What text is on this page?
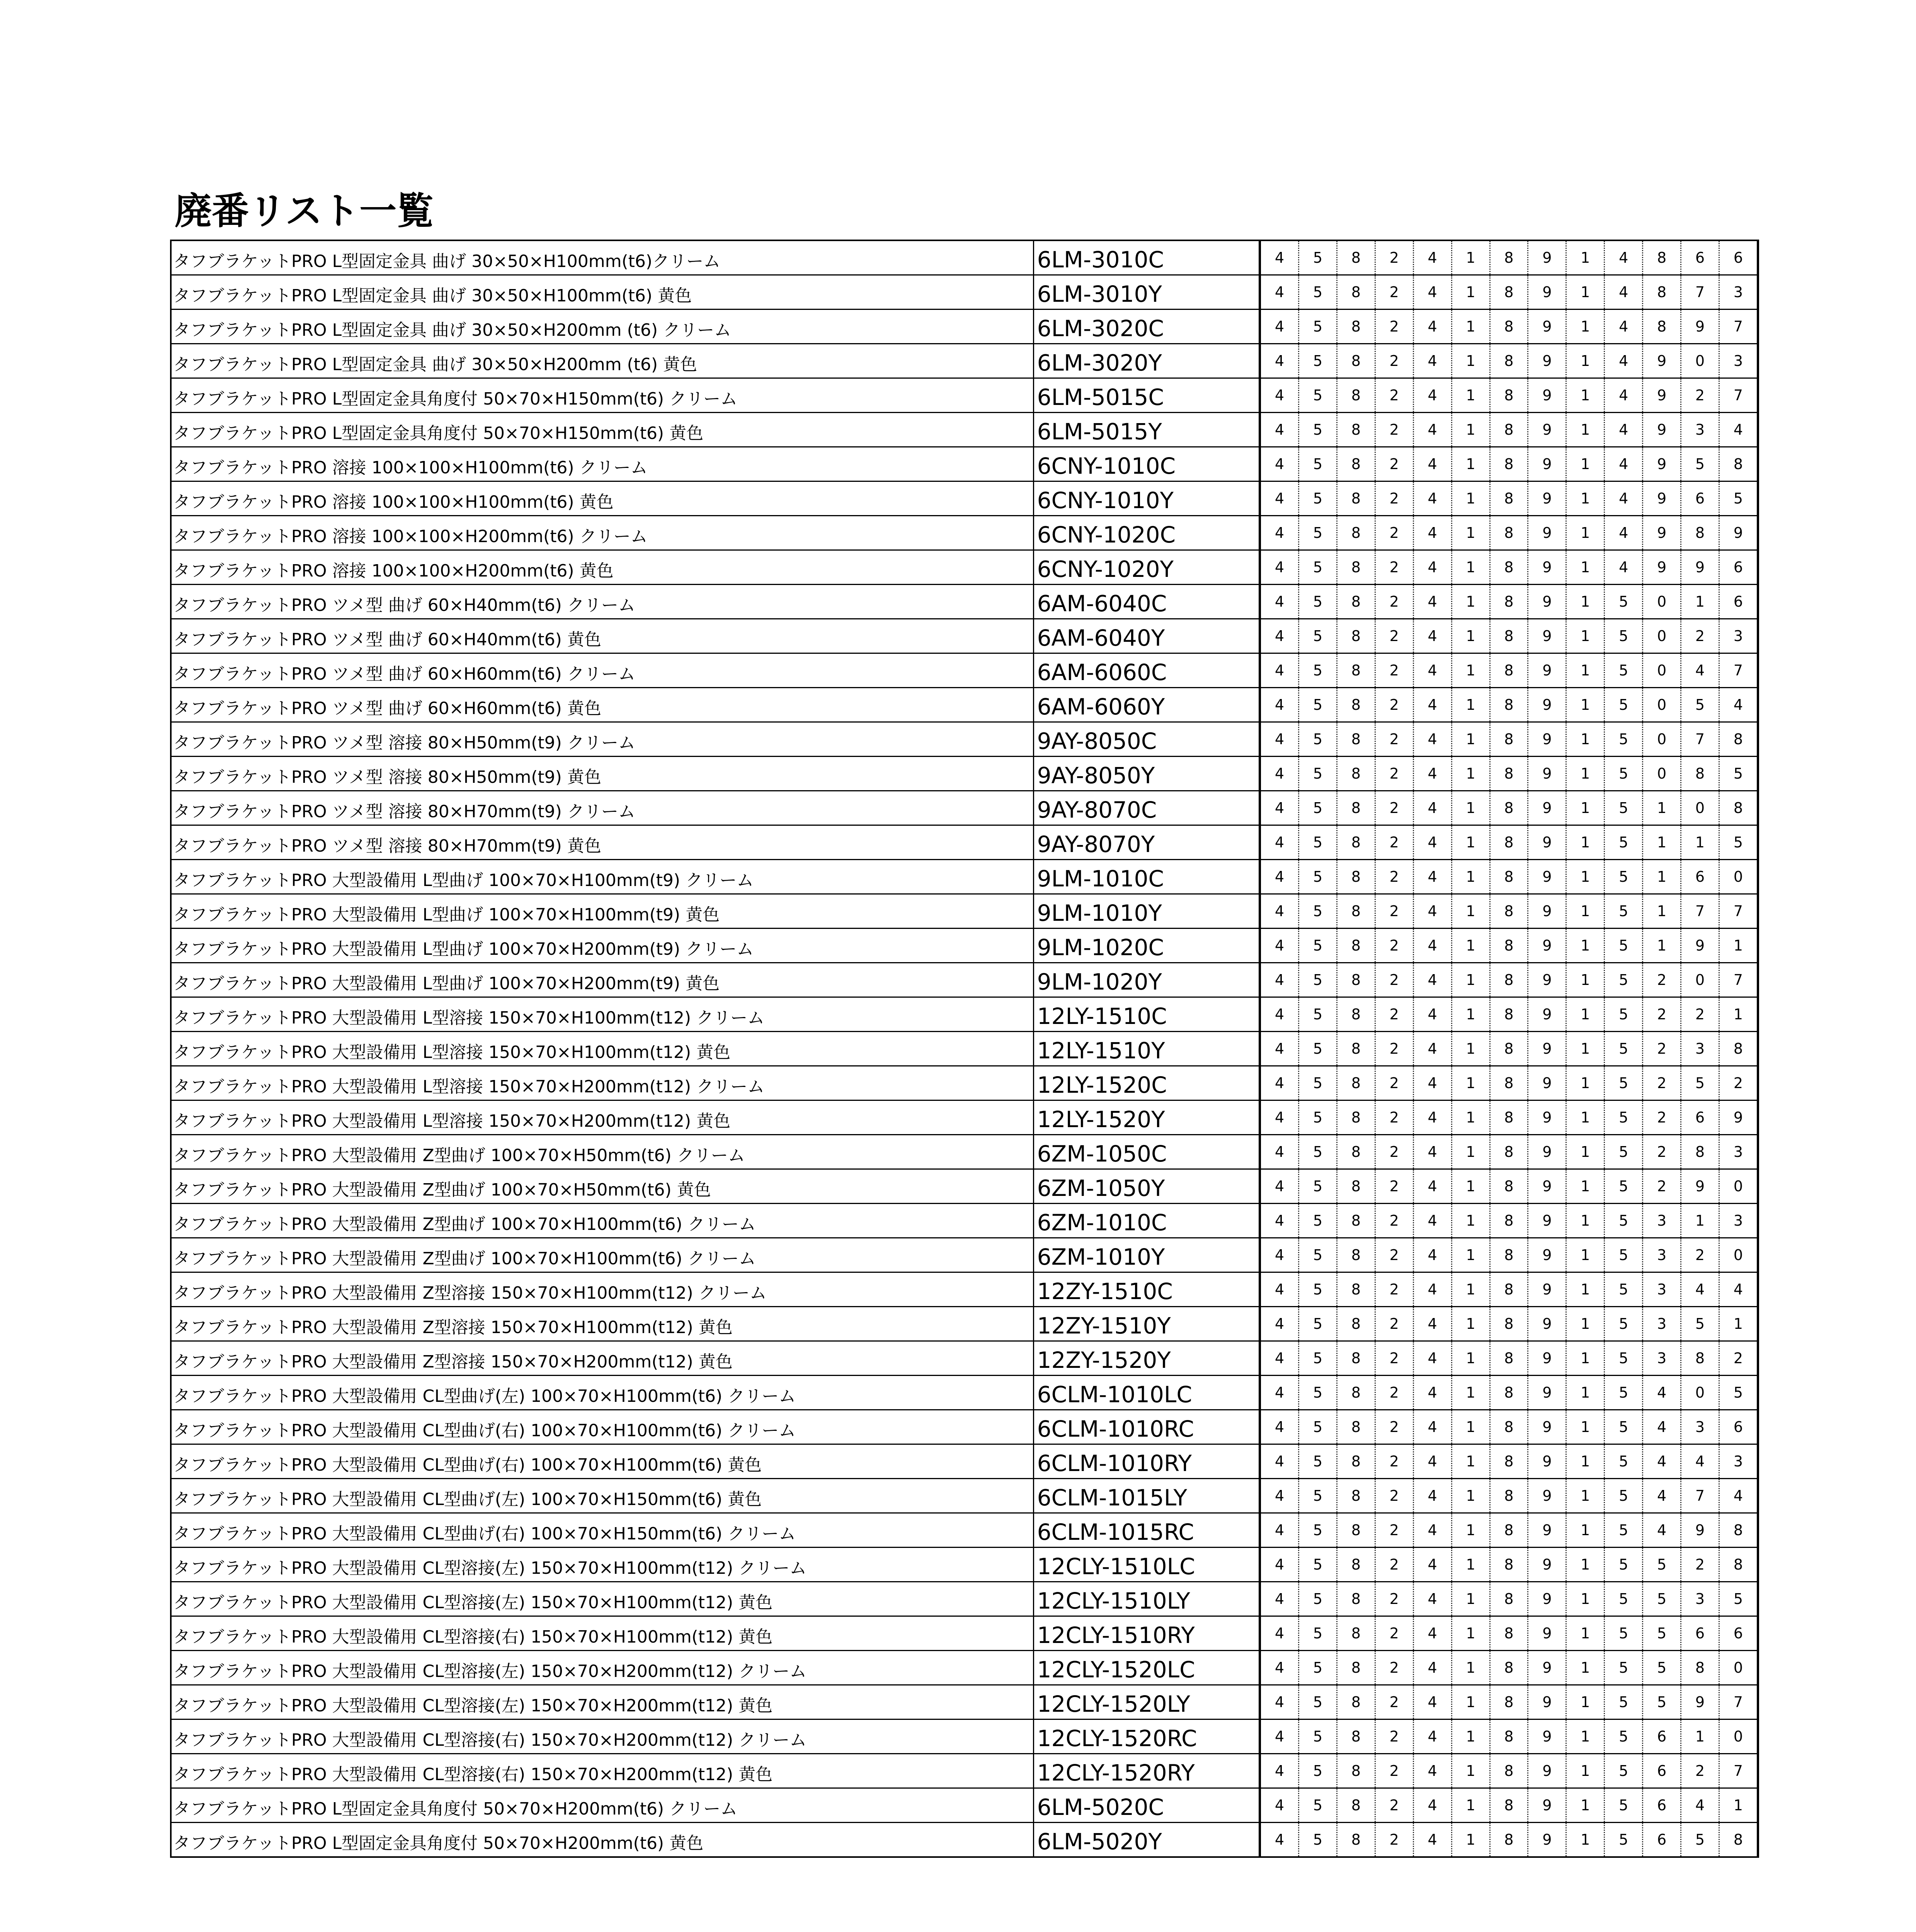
廃番リスト一覧
タフブラケットPRO L型固定金具 曲げ 30×50×H100mm(t6)クリーム	6LM-3010C	4	5	8	2	4	1	8	9	1	4	8	6	6
タフブラケットPRO L型固定金具 曲げ 30×50×H100mm(t6) 黄色	6LM-3010Y	4	5	8	2	4	1	8	9	1	4	8	7	3
タフブラケットPRO L型固定金具 曲げ 30×50×H200mm (t6) クリーム	6LM-3020C	4	5	8	2	4	1	8	9	1	4	8	9	7
タフブラケットPRO L型固定金具 曲げ 30×50×H200mm (t6) 黄色	6LM-3020Y	4	5	8	2	4	1	8	9	1	4	9	0	3
タフブラケットPRO L型固定金具角度付 50×70×H150mm(t6) クリーム	6LM-5015C	4	5	8	2	4	1	8	9	1	4	9	2	7
タフブラケットPRO L型固定金具角度付 50×70×H150mm(t6) 黄色	6LM-5015Y	4	5	8	2	4	1	8	9	1	4	9	3	4
タフブラケットPRO 溶接 100×100×H100mm(t6) クリーム	6CNY-1010C	4	5	8	2	4	1	8	9	1	4	9	5	8
タフブラケットPRO 溶接 100×100×H100mm(t6) 黄色	6CNY-1010Y	4	5	8	2	4	1	8	9	1	4	9	6	5
タフブラケットPRO 溶接 100×100×H200mm(t6) クリーム	6CNY-1020C	4	5	8	2	4	1	8	9	1	4	9	8	9
タフブラケットPRO 溶接 100×100×H200mm(t6) 黄色	6CNY-1020Y	4	5	8	2	4	1	8	9	1	4	9	9	6
タフブラケットPRO ツメ型 曲げ 60×H40mm(t6) クリーム	6AM-6040C	4	5	8	2	4	1	8	9	1	5	0	1	6
タフブラケットPRO ツメ型 曲げ 60×H40mm(t6) 黄色	6AM-6040Y	4	5	8	2	4	1	8	9	1	5	0	2	3
タフブラケットPRO ツメ型 曲げ 60×H60mm(t6) クリーム	6AM-6060C	4	5	8	2	4	1	8	9	1	5	0	4	7
タフブラケットPRO ツメ型 曲げ 60×H60mm(t6) 黄色	6AM-6060Y	4	5	8	2	4	1	8	9	1	5	0	5	4
タフブラケットPRO ツメ型 溶接 80×H50mm(t9) クリーム	9AY-8050C	4	5	8	2	4	1	8	9	1	5	0	7	8
タフブラケットPRO ツメ型 溶接 80×H50mm(t9) 黄色	9AY-8050Y	4	5	8	2	4	1	8	9	1	5	0	8	5
タフブラケットPRO ツメ型 溶接 80×H70mm(t9) クリーム	9AY-8070C	4	5	8	2	4	1	8	9	1	5	1	0	8
タフブラケットPRO ツメ型 溶接 80×H70mm(t9) 黄色	9AY-8070Y	4	5	8	2	4	1	8	9	1	5	1	1	5
タフブラケットPRO 大型設備用 L型曲げ 100×70×H100mm(t9) クリーム	9LM-1010C	4	5	8	2	4	1	8	9	1	5	1	6	0
タフブラケットPRO 大型設備用 L型曲げ 100×70×H100mm(t9) 黄色	9LM-1010Y	4	5	8	2	4	1	8	9	1	5	1	7	7
タフブラケットPRO 大型設備用 L型曲げ 100×70×H200mm(t9) クリーム	9LM-1020C	4	5	8	2	4	1	8	9	1	5	1	9	1
タフブラケットPRO 大型設備用 L型曲げ 100×70×H200mm(t9) 黄色	9LM-1020Y	4	5	8	2	4	1	8	9	1	5	2	0	7
タフブラケットPRO 大型設備用 L型溶接 150×70×H100mm(t12) クリーム	12LY-1510C	4	5	8	2	4	1	8	9	1	5	2	2	1
タフブラケットPRO 大型設備用 L型溶接 150×70×H100mm(t12) 黄色	12LY-1510Y	4	5	8	2	4	1	8	9	1	5	2	3	8
タフブラケットPRO 大型設備用 L型溶接 150×70×H200mm(t12) クリーム	12LY-1520C	4	5	8	2	4	1	8	9	1	5	2	5	2
タフブラケットPRO 大型設備用 L型溶接 150×70×H200mm(t12) 黄色	12LY-1520Y	4	5	8	2	4	1	8	9	1	5	2	6	9
タフブラケットPRO 大型設備用 Z型曲げ 100×70×H50mm(t6) クリーム	6ZM-1050C	4	5	8	2	4	1	8	9	1	5	2	8	3
タフブラケットPRO 大型設備用 Z型曲げ 100×70×H50mm(t6) 黄色	6ZM-1050Y	4	5	8	2	4	1	8	9	1	5	2	9	0
タフブラケットPRO 大型設備用 Z型曲げ 100×70×H100mm(t6) クリーム	6ZM-1010C	4	5	8	2	4	1	8	9	1	5	3	1	3
タフブラケットPRO 大型設備用 Z型曲げ 100×70×H100mm(t6) クリーム	6ZM-1010Y	4	5	8	2	4	1	8	9	1	5	3	2	0
タフブラケットPRO 大型設備用 Z型溶接 150×70×H100mm(t12) クリーム	12ZY-1510C	4	5	8	2	4	1	8	9	1	5	3	4	4
タフブラケットPRO 大型設備用 Z型溶接 150×70×H100mm(t12) 黄色	12ZY-1510Y	4	5	8	2	4	1	8	9	1	5	3	5	1
タフブラケットPRO 大型設備用 Z型溶接 150×70×H200mm(t12) 黄色	12ZY-1520Y	4	5	8	2	4	1	8	9	1	5	3	8	2
タフブラケットPRO 大型設備用 CL型曲げ(左) 100×70×H100mm(t6) クリーム	6CLM-1010LC	4	5	8	2	4	1	8	9	1	5	4	0	5
タフブラケットPRO 大型設備用 CL型曲げ(右) 100×70×H100mm(t6) クリーム	6CLM-1010RC	4	5	8	2	4	1	8	9	1	5	4	3	6
タフブラケットPRO 大型設備用 CL型曲げ(右) 100×70×H100mm(t6) 黄色	6CLM-1010RY	4	5	8	2	4	1	8	9	1	5	4	4	3
タフブラケットPRO 大型設備用 CL型曲げ(左) 100×70×H150mm(t6) 黄色	6CLM-1015LY	4	5	8	2	4	1	8	9	1	5	4	7	4
タフブラケットPRO 大型設備用 CL型曲げ(右) 100×70×H150mm(t6) クリーム	6CLM-1015RC	4	5	8	2	4	1	8	9	1	5	4	9	8
タフブラケットPRO 大型設備用 CL型溶接(左) 150×70×H100mm(t12) クリーム	12CLY-1510LC	4	5	8	2	4	1	8	9	1	5	5	2	8
タフブラケットPRO 大型設備用 CL型溶接(左) 150×70×H100mm(t12) 黄色	12CLY-1510LY	4	5	8	2	4	1	8	9	1	5	5	3	5
タフブラケットPRO 大型設備用 CL型溶接(右) 150×70×H100mm(t12) 黄色	12CLY-1510RY	4	5	8	2	4	1	8	9	1	5	5	6	6
タフブラケットPRO 大型設備用 CL型溶接(左) 150×70×H200mm(t12) クリーム	12CLY-1520LC	4	5	8	2	4	1	8	9	1	5	5	8	0
タフブラケットPRO 大型設備用 CL型溶接(左) 150×70×H200mm(t12) 黄色	12CLY-1520LY	4	5	8	2	4	1	8	9	1	5	5	9	7
タフブラケットPRO 大型設備用 CL型溶接(右) 150×70×H200mm(t12) クリーム	12CLY-1520RC	4	5	8	2	4	1	8	9	1	5	6	1	0
タフブラケットPRO 大型設備用 CL型溶接(右) 150×70×H200mm(t12) 黄色	12CLY-1520RY	4	5	8	2	4	1	8	9	1	5	6	2	7
タフブラケットPRO L型固定金具角度付 50×70×H200mm(t6) クリーム	6LM-5020C	4	5	8	2	4	1	8	9	1	5	6	4	1
タフブラケットPRO L型固定金具角度付 50×70×H200mm(t6) 黄色	6LM-5020Y	4	5	8	2	4	1	8	9	1	5	6	5	8
